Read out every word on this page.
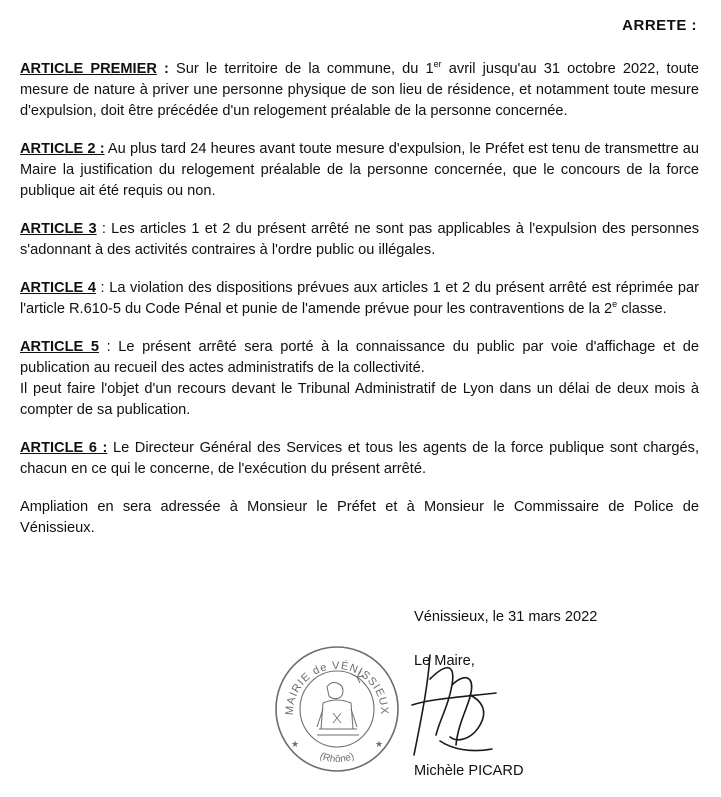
ARRETE :

ARTICLE PREMIER : Sur le territoire de la commune, du 1er avril jusqu'au 31 octobre 2022, toute mesure de nature à priver une personne physique de son lieu de résidence, et notamment toute mesure d'expulsion, doit être précédée d'un relogement préalable de la personne concernée.

ARTICLE 2 : Au plus tard 24 heures avant toute mesure d'expulsion, le Préfet est tenu de transmettre au Maire la justification du relogement préalable de la personne concernée, que le concours de la force publique ait été requis ou non.

ARTICLE 3 : Les articles 1 et 2 du présent arrêté ne sont pas applicables à l'expulsion des personnes s'adonnant à des activités contraires à l'ordre public ou illégales.

ARTICLE 4 : La violation des dispositions prévues aux articles 1 et 2 du présent arrêté est réprimée par l'article R.610-5 du Code Pénal et punie de l'amende prévue pour les contraventions de la 2e classe.

ARTICLE 5 : Le présent arrêté sera porté à la connaissance du public par voie d'affichage et de publication au recueil des actes administratifs de la collectivité.
Il peut faire l'objet d'un recours devant le Tribunal Administratif de Lyon dans un délai de deux mois à compter de sa publication.

ARTICLE 6 : Le Directeur Général des Services et tous les agents de la force publique sont chargés, chacun en ce qui le concerne, de l'exécution du présent arrêté.

Ampliation en sera adressée à Monsieur le Préfet et à Monsieur le Commissaire de Police de Vénissieux.

Vénissieux, le 31 mars 2022
Le Maire,
Michèle PICARD
MAIRIE de VÉNISSIEUX
(Rhône)
★	★
